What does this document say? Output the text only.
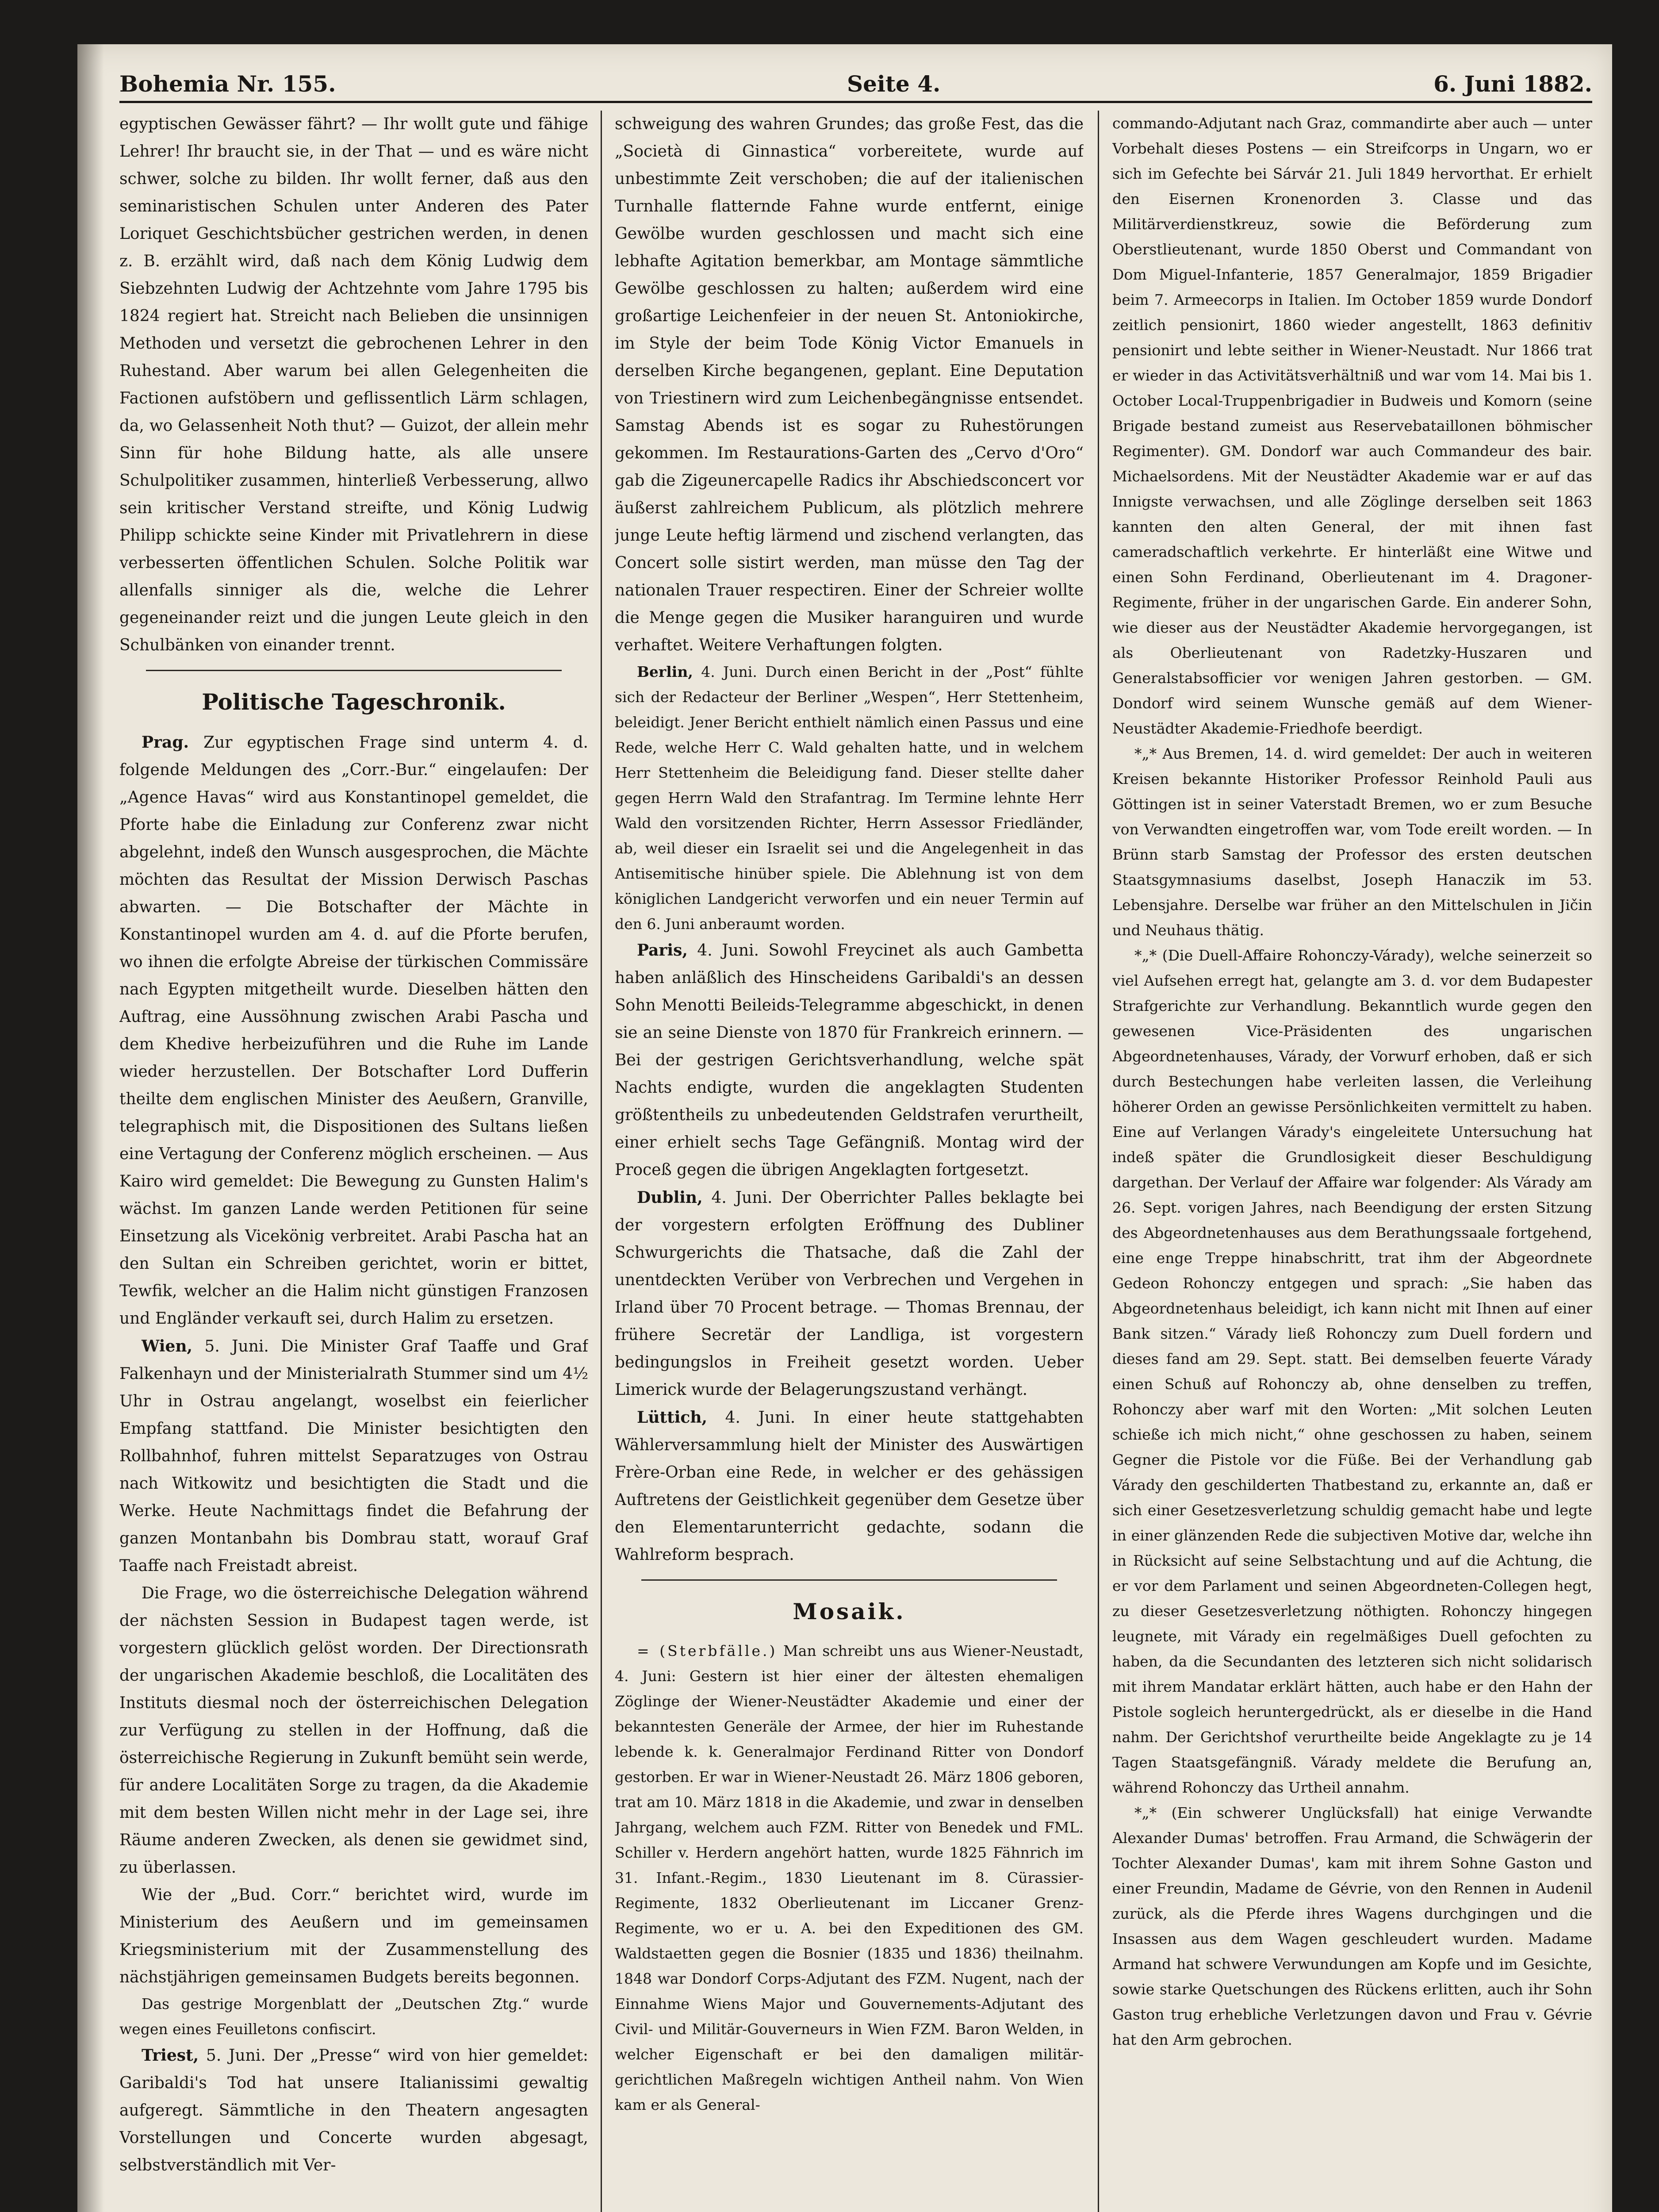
Bohemia Nr. 155.	Seite 4.	6. Juni 1882.

egyptischen Gewässer fährt? — Ihr wollt gute und fähige Lehrer! Ihr braucht sie, in der That — und es wäre nicht schwer, solche zu bilden. Ihr wollt ferner, daß aus den seminaristischen Schulen unter Anderen des Pater Loriquet Geschichtsbücher gestrichen werden, in denen z. B. erzählt wird, daß nach dem König Ludwig dem Siebzehnten Ludwig der Achtzehnte vom Jahre 1795 bis 1824 regiert hat. Streicht nach Belieben die unsinnigen Methoden und versetzt die gebrochenen Lehrer in den Ruhestand. Aber warum bei allen Gelegenheiten die Factionen aufstöbern und geflissentlich Lärm schlagen, da, wo Gelassenheit Noth thut? — Guizot, der allein mehr Sinn für hohe Bildung hatte, als alle unsere Schulpolitiker zusammen, hinterließ Verbesserung, allwo sein kritischer Verstand streifte, und König Ludwig Philipp schickte seine Kinder mit Privatlehrern in diese verbesserten öffentlichen Schulen. Solche Politik war allenfalls sinniger als die, welche die Lehrer gegeneinander reizt und die jungen Leute gleich in den Schulbänken von einander trennt.

Politische Tageschronik.

Prag. Zur egyptischen Frage sind unterm 4. d. folgende Meldungen des „Corr.-Bur.“ eingelaufen: Der „Agence Havas“ wird aus Konstantinopel gemeldet, die Pforte habe die Einladung zur Conferenz zwar nicht abgelehnt, indeß den Wunsch ausgesprochen, die Mächte möchten das Resultat der Mission Derwisch Paschas abwarten. — Die Botschafter der Mächte in Konstantinopel wurden am 4. d. auf die Pforte berufen, wo ihnen die erfolgte Abreise der türkischen Commissäre nach Egypten mitgetheilt wurde. Dieselben hätten den Auftrag, eine Aussöhnung zwischen Arabi Pascha und dem Khedive herbeizuführen und die Ruhe im Lande wieder herzustellen. Der Botschafter Lord Dufferin theilte dem englischen Minister des Aeußern, Granville, telegraphisch mit, die Dispositionen des Sultans ließen eine Vertagung der Conferenz möglich erscheinen. — Aus Kairo wird gemeldet: Die Bewegung zu Gunsten Halim's wächst. Im ganzen Lande werden Petitionen für seine Einsetzung als Vicekönig verbreitet. Arabi Pascha hat an den Sultan ein Schreiben gerichtet, worin er bittet, Tewfik, welcher an die Halim nicht günstigen Franzosen und Engländer verkauft sei, durch Halim zu ersetzen.

Wien, 5. Juni. Die Minister Graf Taaffe und Graf Falkenhayn und der Ministerialrath Stummer sind um 4½ Uhr in Ostrau angelangt, woselbst ein feierlicher Empfang stattfand. Die Minister besichtigten den Rollbahnhof, fuhren mittelst Separatzuges von Ostrau nach Witkowitz und besichtigten die Stadt und die Werke. Heute Nachmittags findet die Befahrung der ganzen Montanbahn bis Dombrau statt, worauf Graf Taaffe nach Freistadt abreist.

Die Frage, wo die österreichische Delegation während der nächsten Session in Budapest tagen werde, ist vorgestern glücklich gelöst worden. Der Directionsrath der ungarischen Akademie beschloß, die Localitäten des Instituts diesmal noch der österreichischen Delegation zur Verfügung zu stellen in der Hoffnung, daß die österreichische Regierung in Zukunft bemüht sein werde, für andere Localitäten Sorge zu tragen, da die Akademie mit dem besten Willen nicht mehr in der Lage sei, ihre Räume anderen Zwecken, als denen sie gewidmet sind, zu überlassen.

Wie der „Bud. Corr.“ berichtet wird, wurde im Ministerium des Aeußern und im gemeinsamen Kriegsministerium mit der Zusammenstellung des nächstjährigen gemeinsamen Budgets bereits begonnen.

Das gestrige Morgenblatt der „Deutschen Ztg.“ wurde wegen eines Feuilletons confiscirt.

Triest, 5. Juni. Der „Presse“ wird von hier gemeldet: Garibaldi's Tod hat unsere Italianissimi gewaltig aufgeregt. Sämmtliche in den Theatern angesagten Vorstellungen und Concerte wurden abgesagt, selbstverständlich mit Ver-

schweigung des wahren Grundes; das große Fest, das die „Società di Ginnastica“ vorbereitete, wurde auf unbestimmte Zeit verschoben; die auf der italienischen Turnhalle flatternde Fahne wurde entfernt, einige Gewölbe wurden geschlossen und macht sich eine lebhafte Agitation bemerkbar, am Montage sämmtliche Gewölbe geschlossen zu halten; außerdem wird eine großartige Leichenfeier in der neuen St. Antoniokirche, im Style der beim Tode König Victor Emanuels in derselben Kirche begangenen, geplant. Eine Deputation von Triestinern wird zum Leichenbegängnisse entsendet. Samstag Abends ist es sogar zu Ruhestörungen gekommen. Im Restaurations-Garten des „Cervo d'Oro“ gab die Zigeunercapelle Radics ihr Abschiedsconcert vor äußerst zahlreichem Publicum, als plötzlich mehrere junge Leute heftig lärmend und zischend verlangten, das Concert solle sistirt werden, man müsse den Tag der nationalen Trauer respectiren. Einer der Schreier wollte die Menge gegen die Musiker haranguiren und wurde verhaftet. Weitere Verhaftungen folgten.

Berlin, 4. Juni. Durch einen Bericht in der „Post“ fühlte sich der Redacteur der Berliner „Wespen“, Herr Stettenheim, beleidigt. Jener Bericht enthielt nämlich einen Passus und eine Rede, welche Herr C. Wald gehalten hatte, und in welchem Herr Stettenheim die Beleidigung fand. Dieser stellte daher gegen Herrn Wald den Strafantrag. Im Termine lehnte Herr Wald den vorsitzenden Richter, Herrn Assessor Friedländer, ab, weil dieser ein Israelit sei und die Angelegenheit in das Antisemitische hinüber spiele. Die Ablehnung ist von dem königlichen Landgericht verworfen und ein neuer Termin auf den 6. Juni anberaumt worden.

Paris, 4. Juni. Sowohl Freycinet als auch Gambetta haben anläßlich des Hinscheidens Garibaldi's an dessen Sohn Menotti Beileids-Telegramme abgeschickt, in denen sie an seine Dienste von 1870 für Frankreich erinnern. — Bei der gestrigen Gerichtsverhandlung, welche spät Nachts endigte, wurden die angeklagten Studenten größtentheils zu unbedeutenden Geldstrafen verurtheilt, einer erhielt sechs Tage Gefängniß. Montag wird der Proceß gegen die übrigen Angeklagten fortgesetzt.

Dublin, 4. Juni. Der Oberrichter Palles beklagte bei der vorgestern erfolgten Eröffnung des Dubliner Schwurgerichts die Thatsache, daß die Zahl der unentdeckten Verüber von Verbrechen und Vergehen in Irland über 70 Procent betrage. — Thomas Brennau, der frühere Secretär der Landliga, ist vorgestern bedingungslos in Freiheit gesetzt worden. Ueber Limerick wurde der Belagerungszustand verhängt.

Lüttich, 4. Juni. In einer heute stattgehabten Wählerversammlung hielt der Minister des Auswärtigen Frère-Orban eine Rede, in welcher er des gehässigen Auftretens der Geistlichkeit gegenüber dem Gesetze über den Elementarunterricht gedachte, sodann die Wahlreform besprach.

Mosaik.

= (Sterbfälle.) Man schreibt uns aus Wiener-Neustadt, 4. Juni: Gestern ist hier einer der ältesten ehemaligen Zöglinge der Wiener-Neustädter Akademie und einer der bekanntesten Generäle der Armee, der hier im Ruhestande lebende k. k. Generalmajor Ferdinand Ritter von Dondorf gestorben. Er war in Wiener-Neustadt 26. März 1806 geboren, trat am 10. März 1818 in die Akademie, und zwar in denselben Jahrgang, welchem auch FZM. Ritter von Benedek und FML. Schiller v. Herdern angehört hatten, wurde 1825 Fähnrich im 31. Infant.-Regim., 1830 Lieutenant im 8. Cürassier-Regimente, 1832 Oberlieutenant im Liccaner Grenz-Regimente, wo er u. A. bei den Expeditionen des GM. Waldstaetten gegen die Bosnier (1835 und 1836) theilnahm. 1848 war Dondorf Corps-Adjutant des FZM. Nugent, nach der Einnahme Wiens Major und Gouvernements-Adjutant des Civil- und Militär-Gouverneurs in Wien FZM. Baron Welden, in welcher Eigenschaft er bei den damaligen militär-gerichtlichen Maßregeln wichtigen Antheil nahm. Von Wien kam er als General-

commando-Adjutant nach Graz, commandirte aber auch — unter Vorbehalt dieses Postens — ein Streifcorps in Ungarn, wo er sich im Gefechte bei Sárvár 21. Juli 1849 hervorthat. Er erhielt den Eisernen Kronenorden 3. Classe und das Militärverdienstkreuz, sowie die Beförderung zum Oberstlieutenant, wurde 1850 Oberst und Commandant von Dom Miguel-Infanterie, 1857 Generalmajor, 1859 Brigadier beim 7. Armeecorps in Italien. Im October 1859 wurde Dondorf zeitlich pensionirt, 1860 wieder angestellt, 1863 definitiv pensionirt und lebte seither in Wiener-Neustadt. Nur 1866 trat er wieder in das Activitätsverhältniß und war vom 14. Mai bis 1. October Local-Truppenbrigadier in Budweis und Komorn (seine Brigade bestand zumeist aus Reservebataillonen böhmischer Regimenter). GM. Dondorf war auch Commandeur des bair. Michaelsordens. Mit der Neustädter Akademie war er auf das Innigste verwachsen, und alle Zöglinge derselben seit 1863 kannten den alten General, der mit ihnen fast cameradschaftlich verkehrte. Er hinterläßt eine Witwe und einen Sohn Ferdinand, Oberlieutenant im 4. Dragoner-Regimente, früher in der ungarischen Garde. Ein anderer Sohn, wie dieser aus der Neustädter Akademie hervorgegangen, ist als Oberlieutenant von Radetzky-Huszaren und Generalstabsofficier vor wenigen Jahren gestorben. — GM. Dondorf wird seinem Wunsche gemäß auf dem Wiener-Neustädter Akademie-Friedhofe beerdigt.

*„* Aus Bremen, 14. d. wird gemeldet: Der auch in weiteren Kreisen bekannte Historiker Professor Reinhold Pauli aus Göttingen ist in seiner Vaterstadt Bremen, wo er zum Besuche von Verwandten eingetroffen war, vom Tode ereilt worden. — In Brünn starb Samstag der Professor des ersten deutschen Staatsgymnasiums daselbst, Joseph Hanaczik im 53. Lebensjahre. Derselbe war früher an den Mittelschulen in Jičin und Neuhaus thätig.

*„* (Die Duell-Affaire Rohonczy-Várady), welche seinerzeit so viel Aufsehen erregt hat, gelangte am 3. d. vor dem Budapester Strafgerichte zur Verhandlung. Bekanntlich wurde gegen den gewesenen Vice-Präsidenten des ungarischen Abgeordnetenhauses, Várady, der Vorwurf erhoben, daß er sich durch Bestechungen habe verleiten lassen, die Verleihung höherer Orden an gewisse Persönlichkeiten vermittelt zu haben. Eine auf Verlangen Várady's eingeleitete Untersuchung hat indeß später die Grundlosigkeit dieser Beschuldigung dargethan. Der Verlauf der Affaire war folgender: Als Várady am 26. Sept. vorigen Jahres, nach Beendigung der ersten Sitzung des Abgeordnetenhauses aus dem Berathungssaale fortgehend, eine enge Treppe hinabschritt, trat ihm der Abgeordnete Gedeon Rohonczy entgegen und sprach: „Sie haben das Abgeordnetenhaus beleidigt, ich kann nicht mit Ihnen auf einer Bank sitzen.“ Várady ließ Rohonczy zum Duell fordern und dieses fand am 29. Sept. statt. Bei demselben feuerte Várady einen Schuß auf Rohonczy ab, ohne denselben zu treffen, Rohonczy aber warf mit den Worten: „Mit solchen Leuten schieße ich mich nicht,“ ohne geschossen zu haben, seinem Gegner die Pistole vor die Füße. Bei der Verhandlung gab Várady den geschilderten Thatbestand zu, erkannte an, daß er sich einer Gesetzesverletzung schuldig gemacht habe und legte in einer glänzenden Rede die subjectiven Motive dar, welche ihn in Rücksicht auf seine Selbstachtung und auf die Achtung, die er vor dem Parlament und seinen Abgeordneten-Collegen hegt, zu dieser Gesetzesverletzung nöthigten. Rohonczy hingegen leugnete, mit Várady ein regelmäßiges Duell gefochten zu haben, da die Secundanten des letzteren sich nicht solidarisch mit ihrem Mandatar erklärt hätten, auch habe er den Hahn der Pistole sogleich heruntergedrückt, als er dieselbe in die Hand nahm. Der Gerichtshof verurtheilte beide Angeklagte zu je 14 Tagen Staatsgefängniß. Várady meldete die Berufung an, während Rohonczy das Urtheil annahm.

*„* (Ein schwerer Unglücksfall) hat einige Verwandte Alexander Dumas' betroffen. Frau Armand, die Schwägerin der Tochter Alexander Dumas', kam mit ihrem Sohne Gaston und einer Freundin, Madame de Gévrie, von den Rennen in Audenil zurück, als die Pferde ihres Wagens durchgingen und die Insassen aus dem Wagen geschleudert wurden. Madame Armand hat schwere Verwundungen am Kopfe und im Gesichte, sowie starke Quetschungen des Rückens erlitten, auch ihr Sohn Gaston trug erhebliche Verletzungen davon und Frau v. Gévrie hat den Arm gebrochen.
